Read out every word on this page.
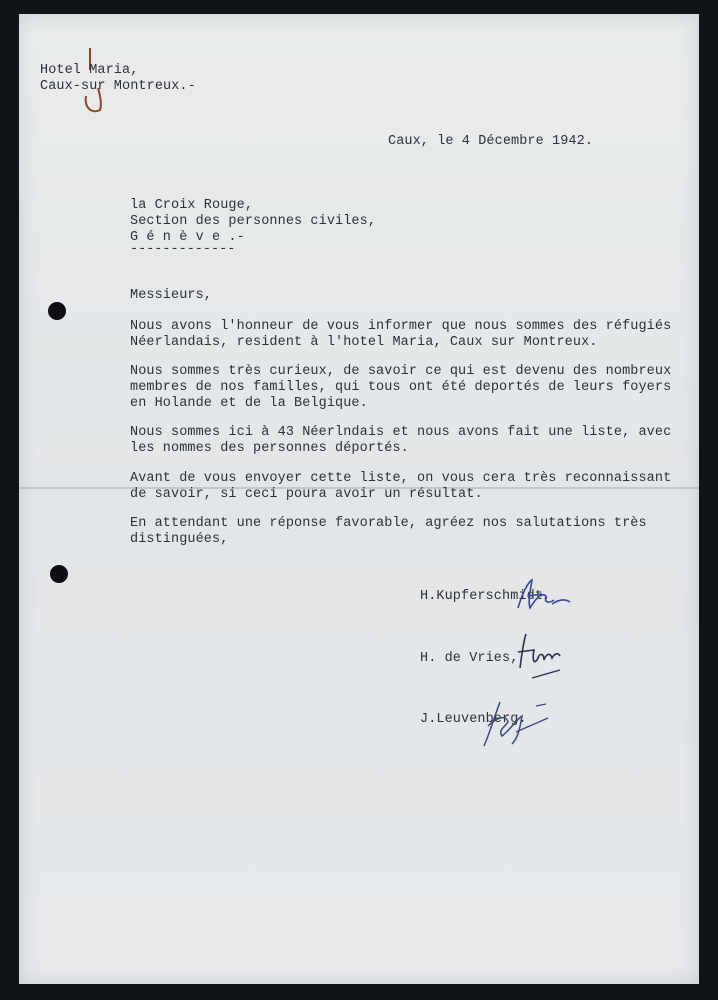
Hotel Maria,
Caux-sur Montreux.-
Caux, le 4 Décembre 1942.
la Croix Rouge,
Section des personnes civiles,
G é n è v e .-
-------------
Messieurs,
Nous avons l'honneur de vous informer que nous sommes des réfugiés
Néerlandais, resident à l'hotel Maria, Caux sur Montreux.
Nous sommes très curieux, de savoir ce qui est devenu des nombreux
membres de nos familles, qui tous ont été deportés de leurs foyers
en Holande et de la Belgique.
Nous sommes ici à 43 Néerlndais et nous avons fait une liste, avec
les nommes des personnes déportés.
Avant de vous envoyer cette liste, on vous cera très reconnaissant
de savoir, si ceci poura avoir un résultat.
En attendant une réponse favorable, agréez nos salutations très
distinguées,
H.Kupferschmidt,
H. de Vries,
J.Leuvenberg.
